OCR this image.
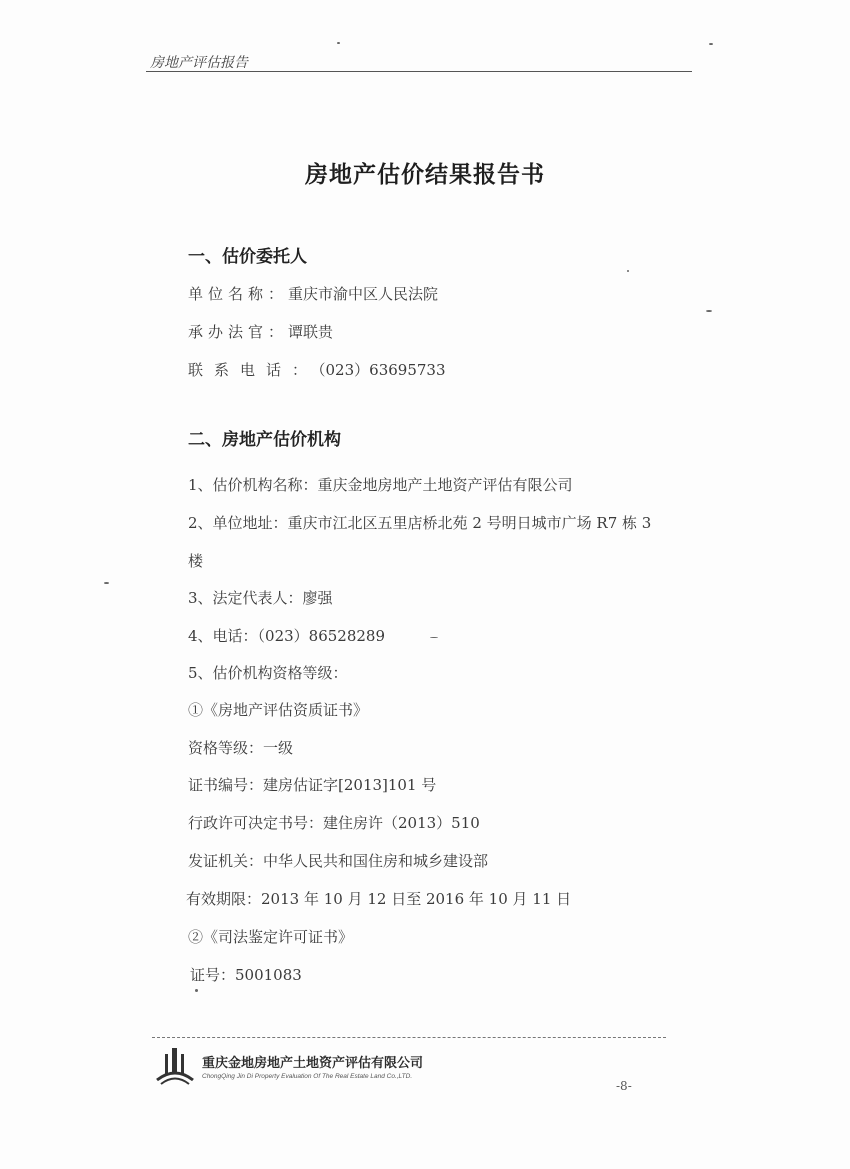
房地产评估报告
房地产估价结果报告书
一、估价委托人
单位名称：重庆市渝中区人民法院
承办法官：谭联贵
联系电话：（023）63695733
二、房地产估价机构
1、估价机构名称：重庆金地房地产土地资产评估有限公司
2、单位地址：重庆市江北区五里店桥北苑 2 号明日城市广场 R7 栋 3
楼
3、法定代表人：廖强
4、电话：（023）86528289
5、估价机构资格等级：
①《房地产评估资质证书》
资格等级：一级
证书编号：建房估证字[2013]101 号
行政许可决定书号：建住房许（2013）510
发证机关：中华人民共和国住房和城乡建设部
有效期限：2013 年 10 月 12 日至 2016 年 10 月 11 日
②《司法鉴定许可证书》
证号：5001083
重庆金地房地产土地资产评估有限公司
ChongQing Jin Di Property Evaluation Of The Real Estate Land Co.,LTD.
-8-
